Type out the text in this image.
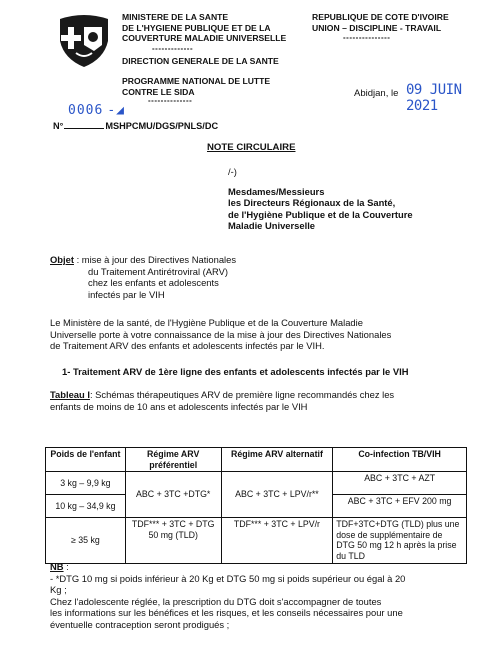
MINISTERE DE LA SANTE
DE L'HYGIENE PUBLIQUE ET DE LA
COUVERTURE MALADIE UNIVERSELLE
-------------
DIRECTION GENERALE DE LA SANTE
PROGRAMME NATIONAL DE LUTTE
CONTRE LE SIDA
--------------
REPUBLIQUE DE COTE D'IVOIRE
UNION – DISCIPLINE - TRAVAIL
---------------
Abidjan, le 09 JUIN 2021
0006 -◢
N°	MSHPCMU/DGS/PNLS/DC
NOTE CIRCULAIRE
/-)
Mesdames/Messieurs
les Directeurs Régionaux de la Santé,
de l'Hygiène Publique et de la Couverture
Maladie Universelle
Objet : mise à jour des Directives Nationales
du Traitement Antirétroviral (ARV)
chez les enfants et adolescents
infectés par le VIH
Le Ministère de la santé, de l'Hygiène Publique et de la Couverture Maladie
Universelle porte à votre connaissance de la mise à jour des Directives Nationales
de Traitement ARV des enfants et adolescents infectés par le VIH.
1- Traitement ARV de 1ère ligne des enfants et adolescents infectés par le VIH
Tableau I: Schémas thérapeutiques ARV de première ligne recommandés chez les
enfants de moins de 10 ans et adolescents infectés par le VIH
Poids de l'enfant	Régime ARV préférentiel	Régime ARV alternatif	Co-infection TB/VIH
3 kg – 9,9 kg	ABC + 3TC +DTG*	ABC + 3TC + LPV/r**	ABC + 3TC + AZT
10 kg – 34,9 kg			ABC + 3TC + EFV 200 mg
≥ 35 kg	TDF*** + 3TC + DTG 50 mg (TLD)	TDF*** + 3TC + LPV/r	TDF+3TC+DTG (TLD) plus une dose de supplémentaire de DTG 50 mg 12 h après la prise du TLD
NB :
- *DTG 10 mg si poids inférieur à 20 Kg et DTG 50 mg si poids supérieur ou égal à 20
Kg ;
Chez l'adolescente réglée, la prescription du DTG doit s'accompagner de toutes
les informations sur les bénéfices et les risques, et les conseils nécessaires pour une
éventuelle contraception seront prodigués ;
